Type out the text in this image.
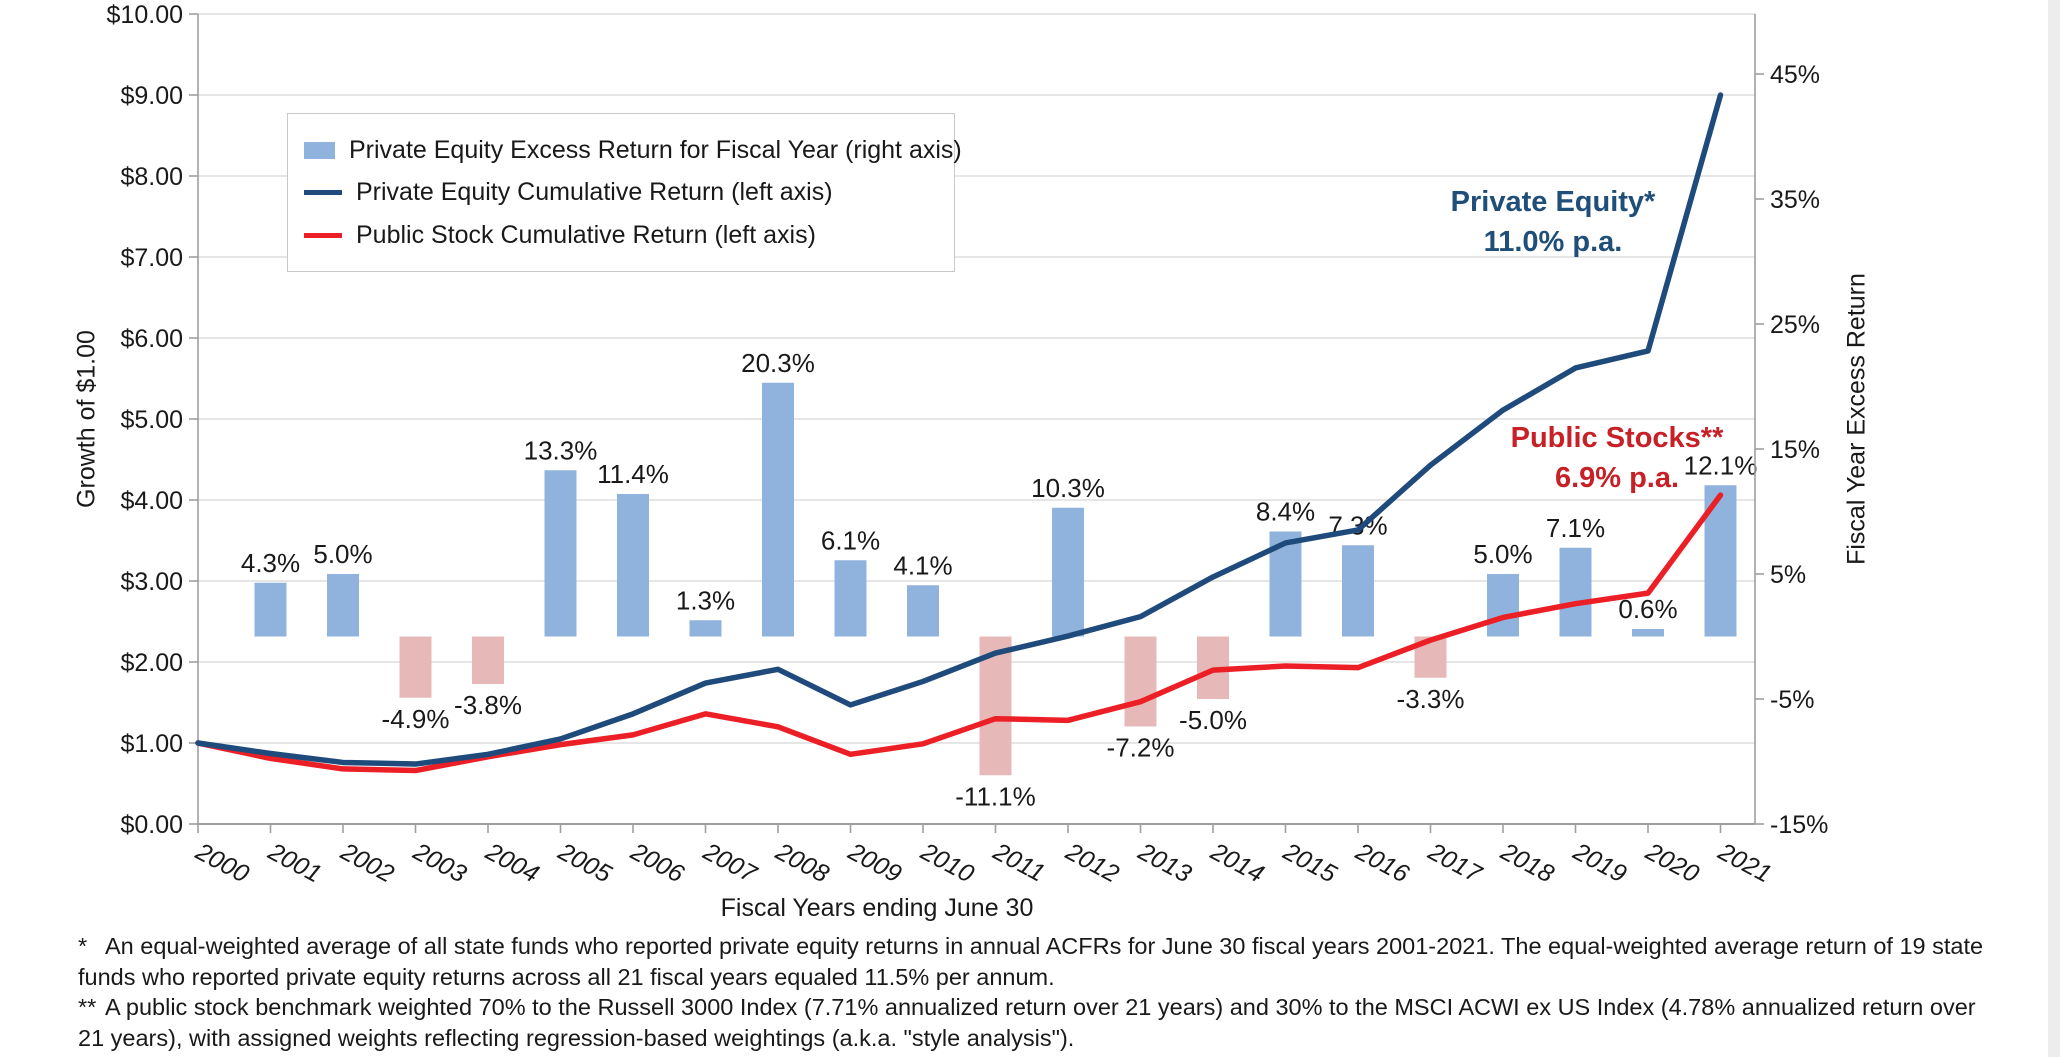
4.3% 5.0%
-4.9% -3.8%
13.3%
11.4%
1.3%
20.3%
6.1%
4.1%
-11.1%
10.3%
-7.2%
-5.0%
8.4% 7.3%
-3.3%
5.0%
7.1%
0.6%
12.1%
$10.00
$9.00
$8.00
$7.00
$6.00
$5.00
$4.00
$3.00
$2.00
$1.00
$0.00
45%
35%
25%
15%
5%
-5%
-15%
2000 2001 2002 2003 2004 2005 2006 2007 2008 2009 2010 2011 2012 2013 2014 2015 2016 2017 2018 2019 2020 2021
Private Equity Excess Return for Fiscal Year (right axis)
Private Equity Cumulative Return (left axis)
Public Stock Cumulative Return (left axis)
Private Equity*
11.0% p.a.
Public Stocks**
6.9% p.a.
Growth of $1.00	Fiscal Year Excess Return
Fiscal Years ending June 30
* An equal-weighted average of all state funds who reported private equity returns in annual ACFRs for June 30 fiscal years 2001-2021. The equal-weighted average return of 19 state
funds who reported private equity returns across all 21 fiscal years equaled 11.5% per annum.
** A public stock benchmark weighted 70% to the Russell 3000 Index (7.71% annualized return over 21 years) and 30% to the MSCI ACWI ex US Index (4.78% annualized return over
21 years), with assigned weights reflecting regression-based weightings (a.k.a. "style analysis").
